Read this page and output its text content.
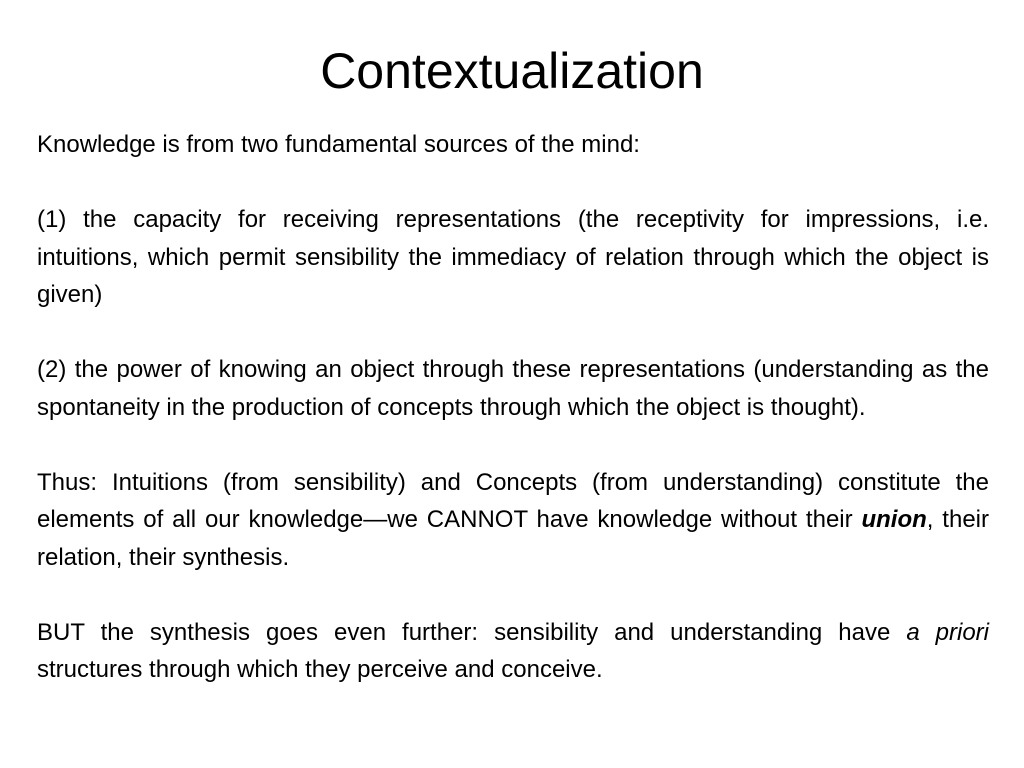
Contextualization

Knowledge is from two fundamental sources of the mind:

(1) the capacity for receiving representations (the receptivity for impressions, i.e. intuitions, which permit sensibility the immediacy of relation through which the object is given)

(2) the power of knowing an object through these representations (understanding as the spontaneity in the production of concepts through which the object is thought).

Thus: Intuitions (from sensibility) and Concepts (from understanding) constitute the elements of all our knowledge—we CANNOT have knowledge without their union, their relation, their synthesis.

BUT the synthesis goes even further: sensibility and understanding have a priori structures through which they perceive and conceive.
